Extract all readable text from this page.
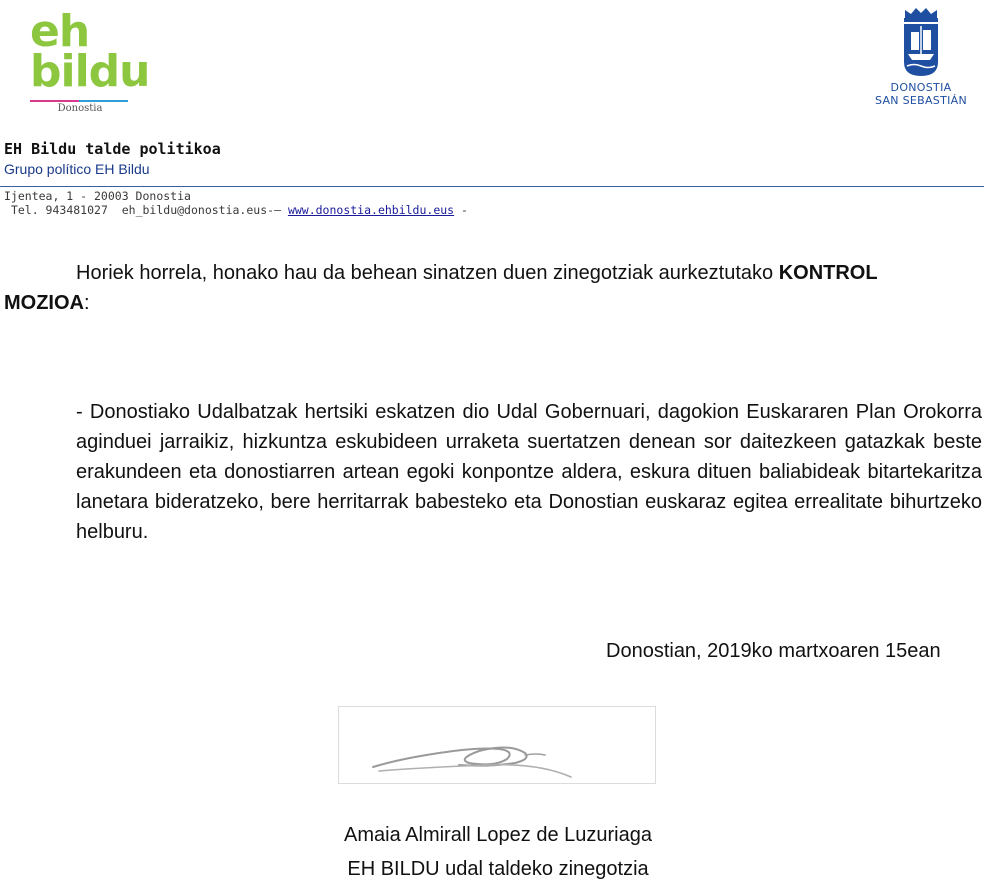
eh
bildu
Donostia
DONOSTIA
SAN SEBASTIÁN
EH Bildu talde politikoa
Grupo político EH Bildu
Ijentea, 1 - 20003 Donostia
Tel. 943481027 eh_bildu@donostia.eus-– www.donostia.ehbildu.eus -
Horiek horrela, honako hau da behean sinatzen duen zinegotziak aurkeztutako KONTROL
MOZIOA:
- Donostiako Udalbatzak hertsiki eskatzen dio Udal Gobernuari, dagokion Euskararen Plan Orokorra aginduei jarraikiz, hizkuntza eskubideen urraketa suertatzen denean sor daitezkeen gatazkak beste erakundeen eta donostiarren artean egoki konpontze aldera, eskura dituen baliabideak bitartekaritza lanetara bideratzeko, bere herritarrak babesteko eta Donostian euskaraz egitea errealitate bihurtzeko helburu.
Donostian, 2019ko martxoaren 15ean
Amaia Almirall Lopez de Luzuriaga
EH BILDU udal taldeko zinegotzia
